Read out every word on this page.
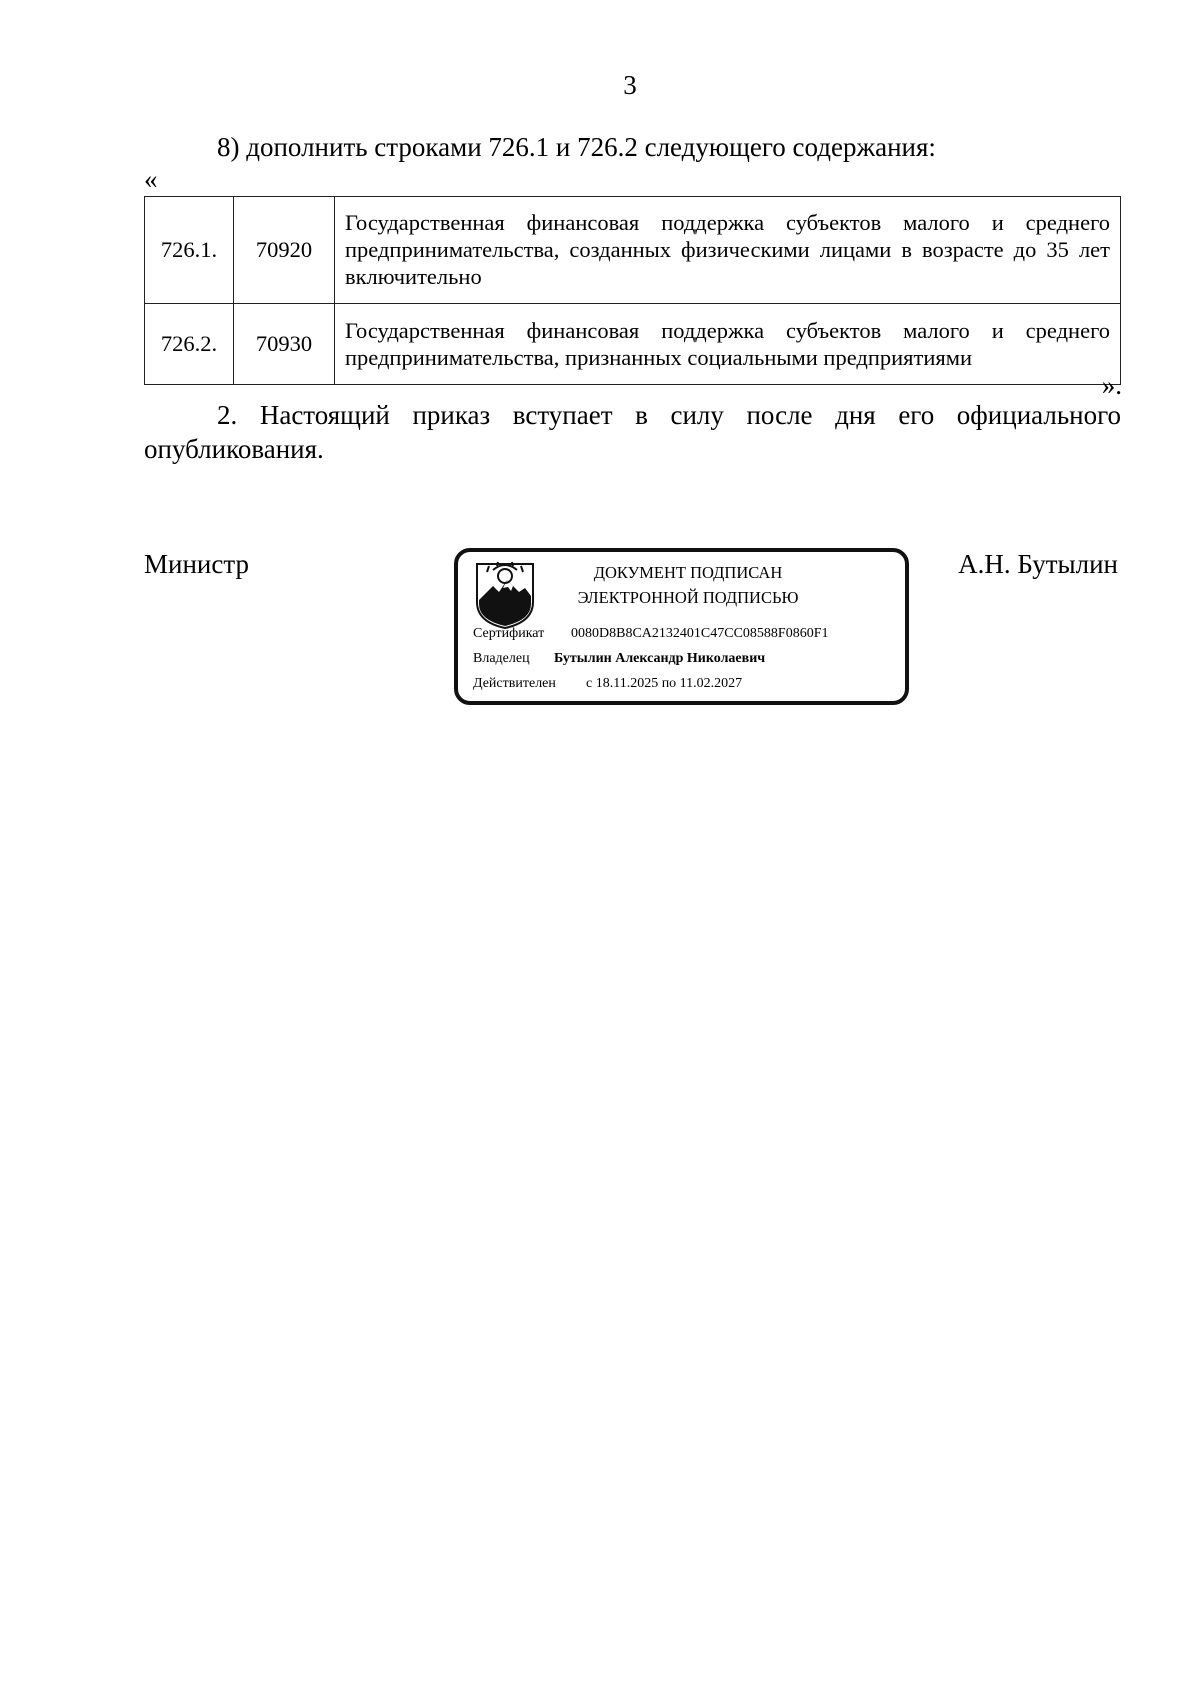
3
8) дополнить строками 726.1 и 726.2 следующего содержания:
«
726.1.	70920	Государственная финансовая поддержка субъектов малого и среднего предпринимательства, созданных физическими лицами в возрасте до 35 лет включительно
726.2.	70930	Государственная финансовая поддержка субъектов малого и среднего предпринимательства, признанных социальными предприятиями
».
2. Настоящий приказ вступает в силу после дня его официального опубликования.
Министр	А.Н. Бутылин
ДОКУМЕНТ ПОДПИСАН
ЭЛЕКТРОННОЙ ПОДПИСЬЮ
Сертификат 0080D8B8CA2132401C47CC08588F0860F1
Владелец Бутылин Александр Николаевич
Действителен с 18.11.2025 по 11.02.2027
